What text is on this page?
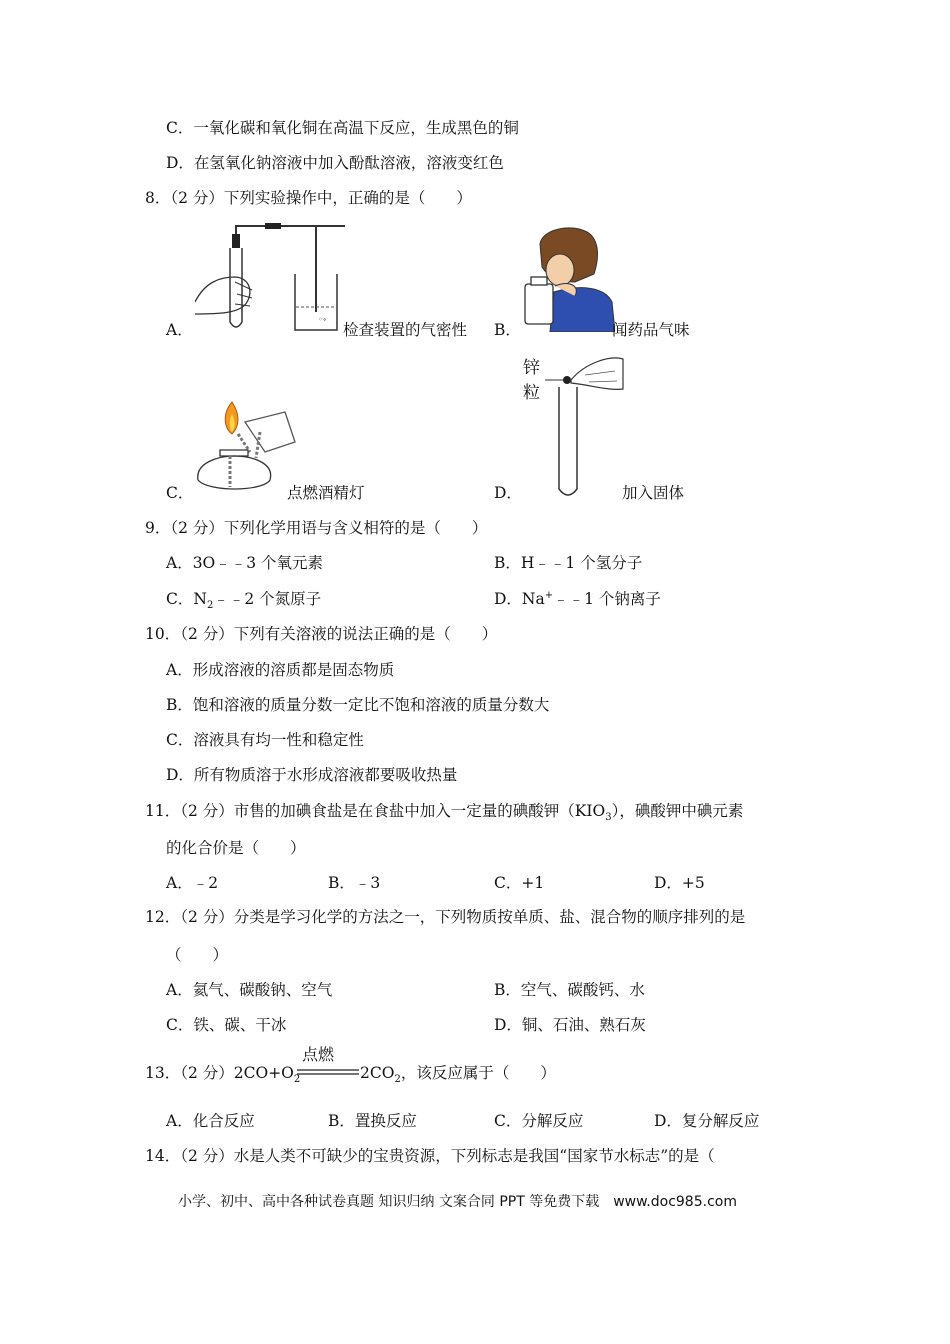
C．一氧化碳和氧化铜在高温下反应，生成黑色的铜
D．在氢氧化钠溶液中加入酚酞溶液，溶液变红色
8．（2 分）下列实验操作中，正确的是（　　）
◦∘
A．	检查装置的气密性 B．	闻药品气味
C．	点燃酒精灯
锌
粒
D．	加入固体
9．（2 分）下列化学用语与含义相符的是（　　）
A．3O﹣﹣3 个氧元素	B．H﹣﹣1 个氢分子
C．$N_2﹣﹣2$ 个氮原子	D．Na+﹣﹣1 个钠离子
10．（2 分）下列有关溶液的说法正确的是（　　）
A．形成溶液的溶质都是固态物质
B．饱和溶液的质量分数一定比不饱和溶液的质量分数大
C．溶液具有均一性和稳定性
D．所有物质溶于水形成溶液都要吸收热量
11．（2 分）市售的加碘食盐是在食盐中加入一定量的碘酸钾$(KIO_3)$，碘酸钾中碘元素
的化合价是（　　）
A．﹣2	B．﹣3	C．+1	D．+5
12．（2 分）分类是学习化学的方法之一，下列物质按单质、盐、混合物的顺序排列的是
（　　）
A．氦气、碳酸钠、空气	B．空气、碳酸钙、水
C．铁、碳、干冰	D．铜、石油、熟石灰
13．（2 分）$2CO+O_2$
点燃
$2CO_2$，该反应属于（　　）
A．化合反应	B．置换反应	C．分解反应	D．复分解反应
14．（2 分）水是人类不可缺少的宝贵资源，下列标志是我国“国家节水标志”的是（
小学、初中、高中各种试卷真题 知识归纳 文案合同 PPT 等免费下载　www.doc985.com
